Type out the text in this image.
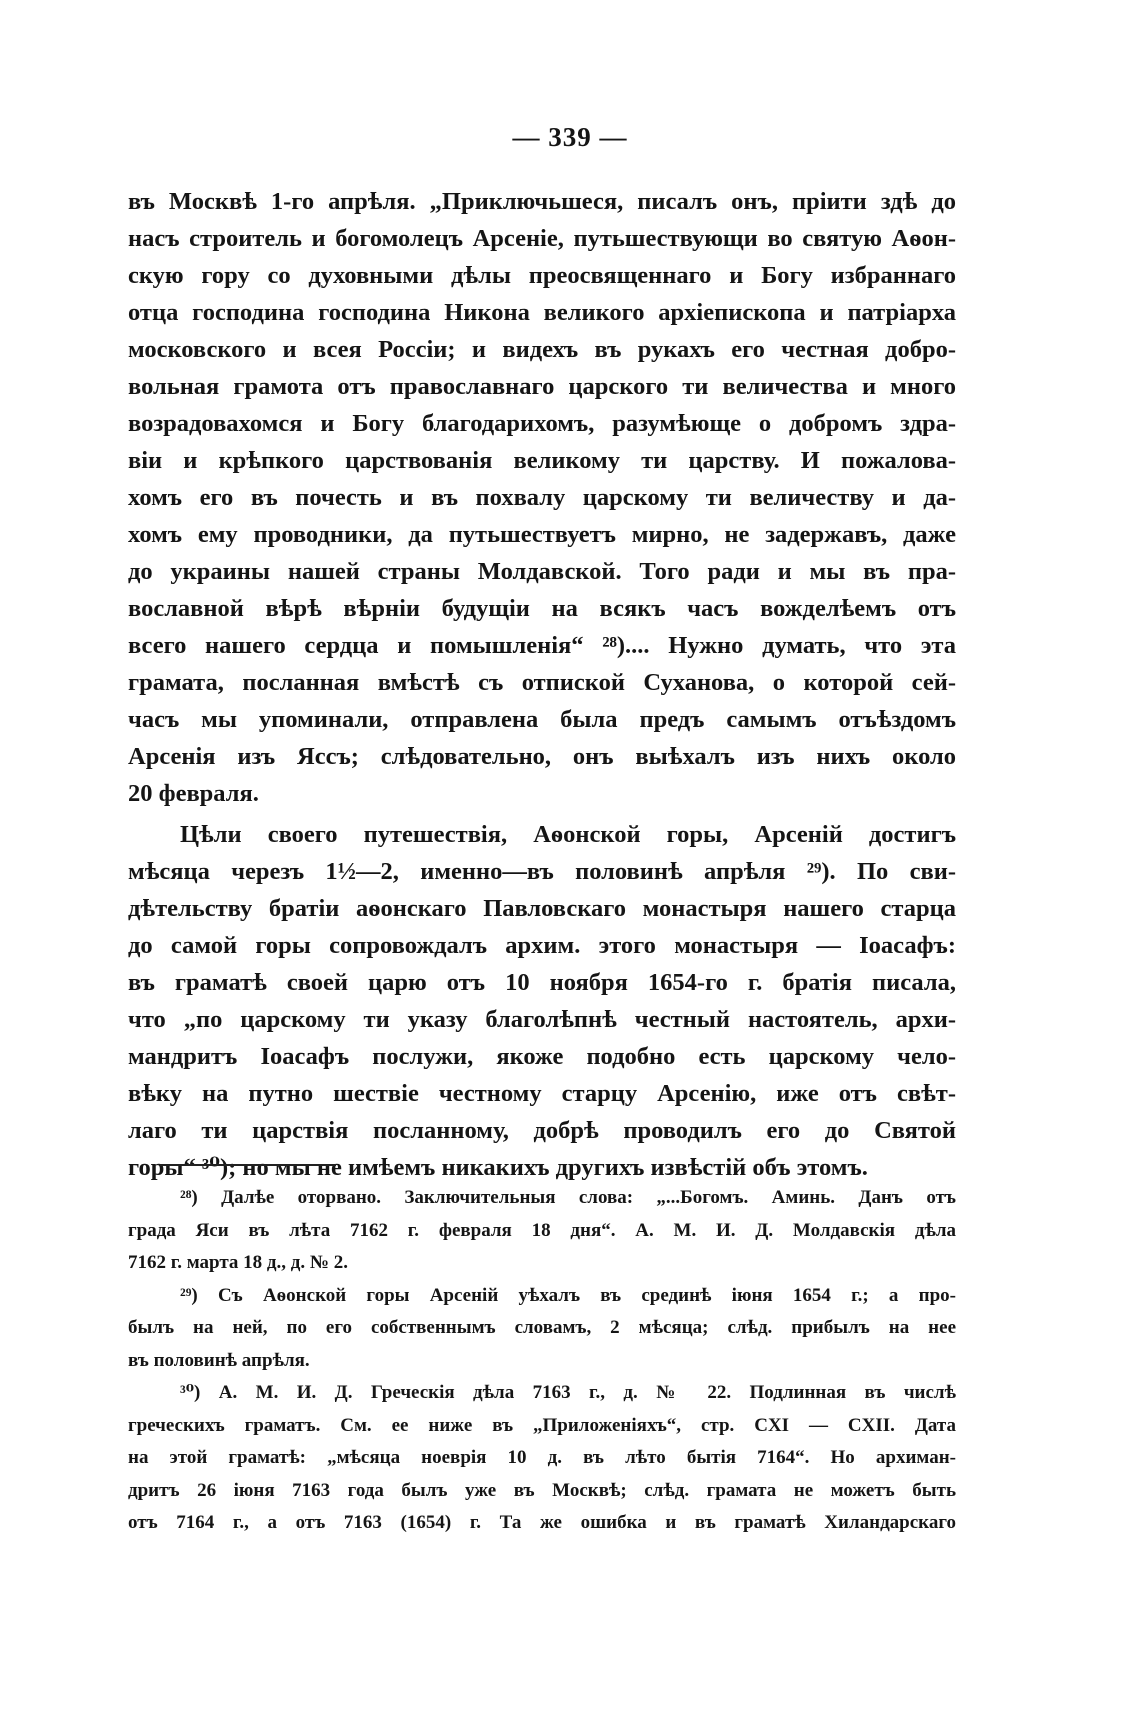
— 339 —
въ Москвѣ 1-го апрѣля. „Приключьшеся, писалъ онъ, пріити здѣ до
насъ строитель и богомолецъ Арсеніе, путьшествующи во святую Аѳон-
скую гору со духовными дѣлы преосвященнаго и Богу избраннаго
отца господина господина Никона великого архіепископа и патріарха
московского и всея Россіи; и видехъ въ рукахъ его честная добро-
вольная грамота отъ православнаго царского ти величества и много
возрадовахомся и Богу благодарихомъ, разумѣюще о добромъ здра-
віи и крѣпкого царствованія великому ти царству. И пожалова-
хомъ его въ почесть и въ похвалу царскому ти величеству и да-
хомъ ему проводники, да путьшествуетъ мирно, не задержавъ, даже
до украины нашей страны Молдавской. Того ради и мы въ пра-
вославной вѣрѣ вѣрніи будущіи на всякъ часъ вожделѣемъ отъ
всего нашего сердца и помышленія“ ²⁸).... Нужно думать, что эта
грамата, посланная вмѣстѣ съ отпиской Суханова, о которой сей-
часъ мы упоминали, отправлена была предъ самымъ отъѣздомъ
Арсенія изъ Яссъ; слѣдовательно, онъ выѣхалъ изъ нихъ около
20 февраля.
Цѣли своего путешествія, Аѳонской горы, Арсеній достигъ
мѣсяца черезъ 1½—2, именно—въ половинѣ апрѣля ²⁹). По сви-
дѣтельству братіи аѳонскаго Павловскаго монастыря нашего старца
до самой горы сопровождалъ архим. этого монастыря — Іоасафъ:
въ граматѣ своей царю отъ 10 ноября 1654-го г. братія писала,
что „по царскому ти указу благолѣпнѣ честный настоятель, архи-
мандритъ Іоасафъ послужи, якоже подобно есть царскому чело-
вѣку на путно шествіе честному старцу Арсенію, иже отъ свѣт-
лаго ти царствія посланному, добрѣ проводилъ его до Святой
горы“ ³⁰); но мы не имѣемъ никакихъ другихъ извѣстій объ этомъ.
²⁸) Далѣе оторвано. Заключительныя слова: „...Богомъ. Аминь. Данъ отъ
града Яси въ лѣта 7162 г. февраля 18 дня“. А. М. И. Д. Молдавскія дѣла
7162 г. марта 18 д., д. № 2.
²⁹) Съ Аѳонской горы Арсеній уѣхалъ въ срединѣ іюня 1654 г.; а про-
былъ на ней, по его собственнымъ словамъ, 2 мѣсяца; слѣд. прибылъ на нее
въ половинѣ апрѣля.
³⁰) А. М. И. Д. Греческія дѣла 7163 г., д. № 22. Подлинная въ числѣ
греческихъ граматъ. См. ее ниже въ „Приложеніяхъ“, стр. CXI — CXII. Дата
на этой граматѣ: „мѣсяца ноеврія 10 д. въ лѣто бытія 7164“. Но архиман-
дритъ 26 іюня 7163 года былъ уже въ Москвѣ; слѣд. грамата не можетъ быть
отъ 7164 г., а отъ 7163 (1654) г. Та же ошибка и въ граматѣ Хиландарскаго
